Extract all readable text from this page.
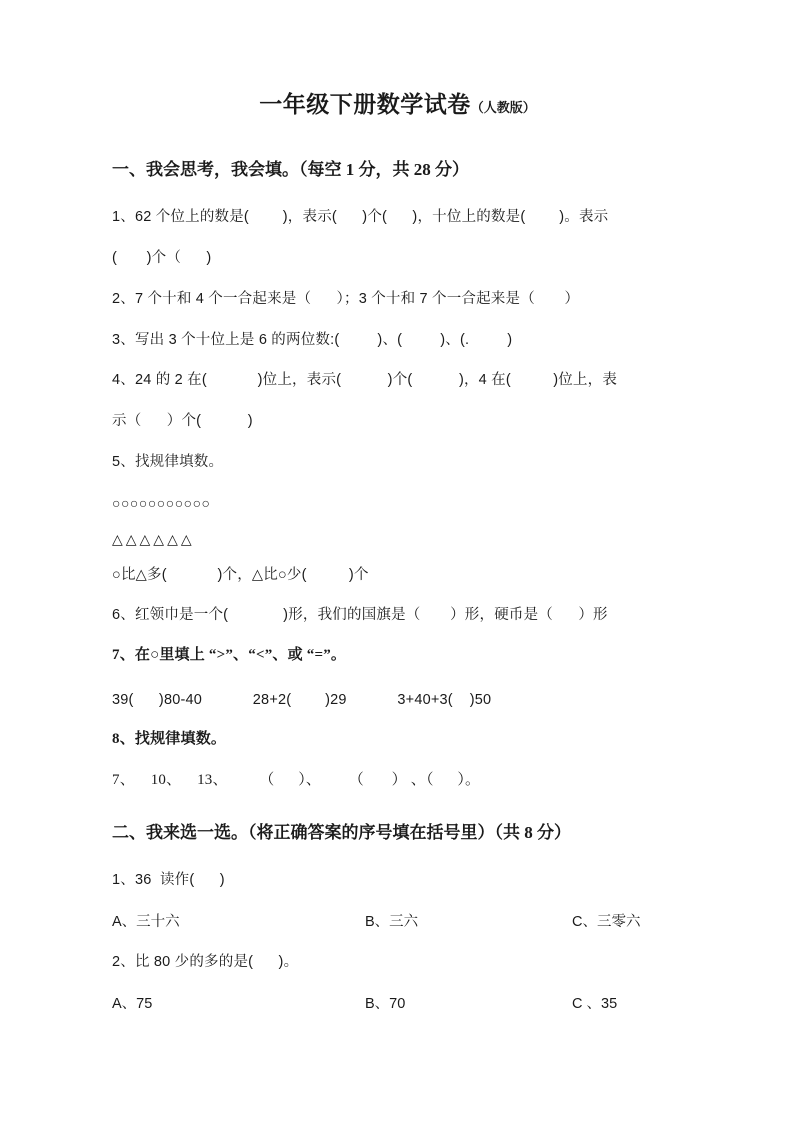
一年级下册数学试卷（人教版）
一、我会思考，我会填。（每空 1 分，共 28 分）
1、62 个位上的数是(        )，表示(      )个(      )，十位上的数是(        )。表示
(       )个（      )
2、7 个十和 4 个一合起来是（      ）；3 个十和 7 个一合起来是（       ）
3、写出 3 个十位上是 6 的两位数:(         )、(         )、(.         )
4、24 的 2 在(            )位上，表示(           )个(           )，4 在(          )位上，表
示（      ）个(           )
5、找规律填数。
○○○○○○○○○○○
△△△△△△
○比△多(            )个，△比○少(          )个
6、红领巾是一个(             )形，我们的国旗是（       ）形，硬币是（      ）形
7、在○里填上 “>”、“<”、或 “=”。
39(      )80-40            28+2(        )29            3+40+3(    )50
8、找规律填数。
7、    10、    13、        （      ）、       （       ） 、（      ）。
二、我来选一选。（将正确答案的序号填在括号里）（共 8 分）
1、36  读作(      )
A、三十六	B、三六	C、三零六
2、比 80 少的多的是(      )。
A、75	B、70	C 、35
